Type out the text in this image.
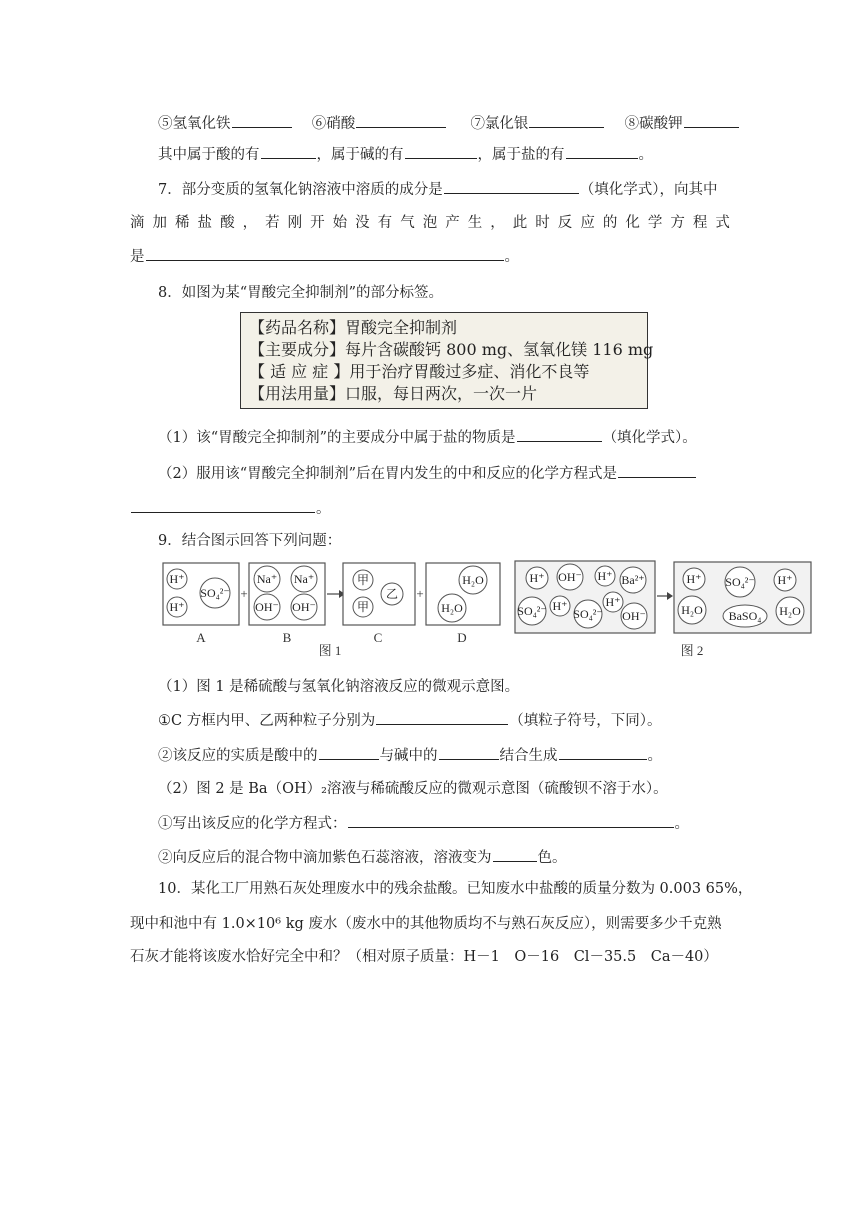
⑤氢氧化铁	⑥硝酸	⑦氯化银	⑧碳酸钾
其中属于酸的有	，属于碱的有	，属于盐的有	。
7．部分变质的氢氧化钠溶液中溶质的成分是	（填化学式），向其中
滴 加 稀 盐 酸 ， 若 刚 开 始 没 有 气 泡 产 生 ， 此 时 反 应 的 化 学 方 程 式
是	。
8．如图为某“胃酸完全抑制剂”的部分标签。
【药品名称】胃酸完全抑制剂
【主要成分】每片含碳酸钙 800 mg、氢氧化镁 116 mg
【 适 应 症 】用于治疗胃酸过多症、消化不良等
【用法用量】口服，每日两次，一次一片
（1）该“胃酸完全抑制剂”的主要成分中属于盐的物质是	（填化学式）。
（2）服用该“胃酸完全抑制剂”后在胃内发生的中和反应的化学方程式是
。
9．结合图示回答下列问题：
H⁺
H⁺
SO₄²⁻
A
+
Na⁺ Na⁺
OH⁻ OH⁻
B
甲
甲
乙
C
+
H₂O
H₂O
D
图 1
H⁺ OH⁻ H⁺ Ba²⁺
SO₄²⁻ H⁺
SO₄²⁻
H⁺
OH⁻
H⁺ SO₄²⁻ H⁺
H₂O BaSO₄ H₂O
图 2
（1）图 1 是稀硫酸与氢氧化钠溶液反应的微观示意图。
①C 方框内甲、乙两种粒子分别为	（填粒子符号，下同）。
②该反应的实质是酸中的	与碱中的	结合生成	。
（2）图 2 是 Ba（OH）₂溶液与稀硫酸反应的微观示意图（硫酸钡不溶于水）。
①写出该反应的化学方程式：	。
②向反应后的混合物中滴加紫色石蕊溶液，溶液变为	色。
10．某化工厂用熟石灰处理废水中的残余盐酸。已知废水中盐酸的质量分数为 0.003 65%，
现中和池中有 1.0×10⁶ kg 废水（废水中的其他物质均不与熟石灰反应），则需要多少千克熟
石灰才能将该废水恰好完全中和？（相对原子质量：H－1　O－16　Cl－35.5　Ca－40）
